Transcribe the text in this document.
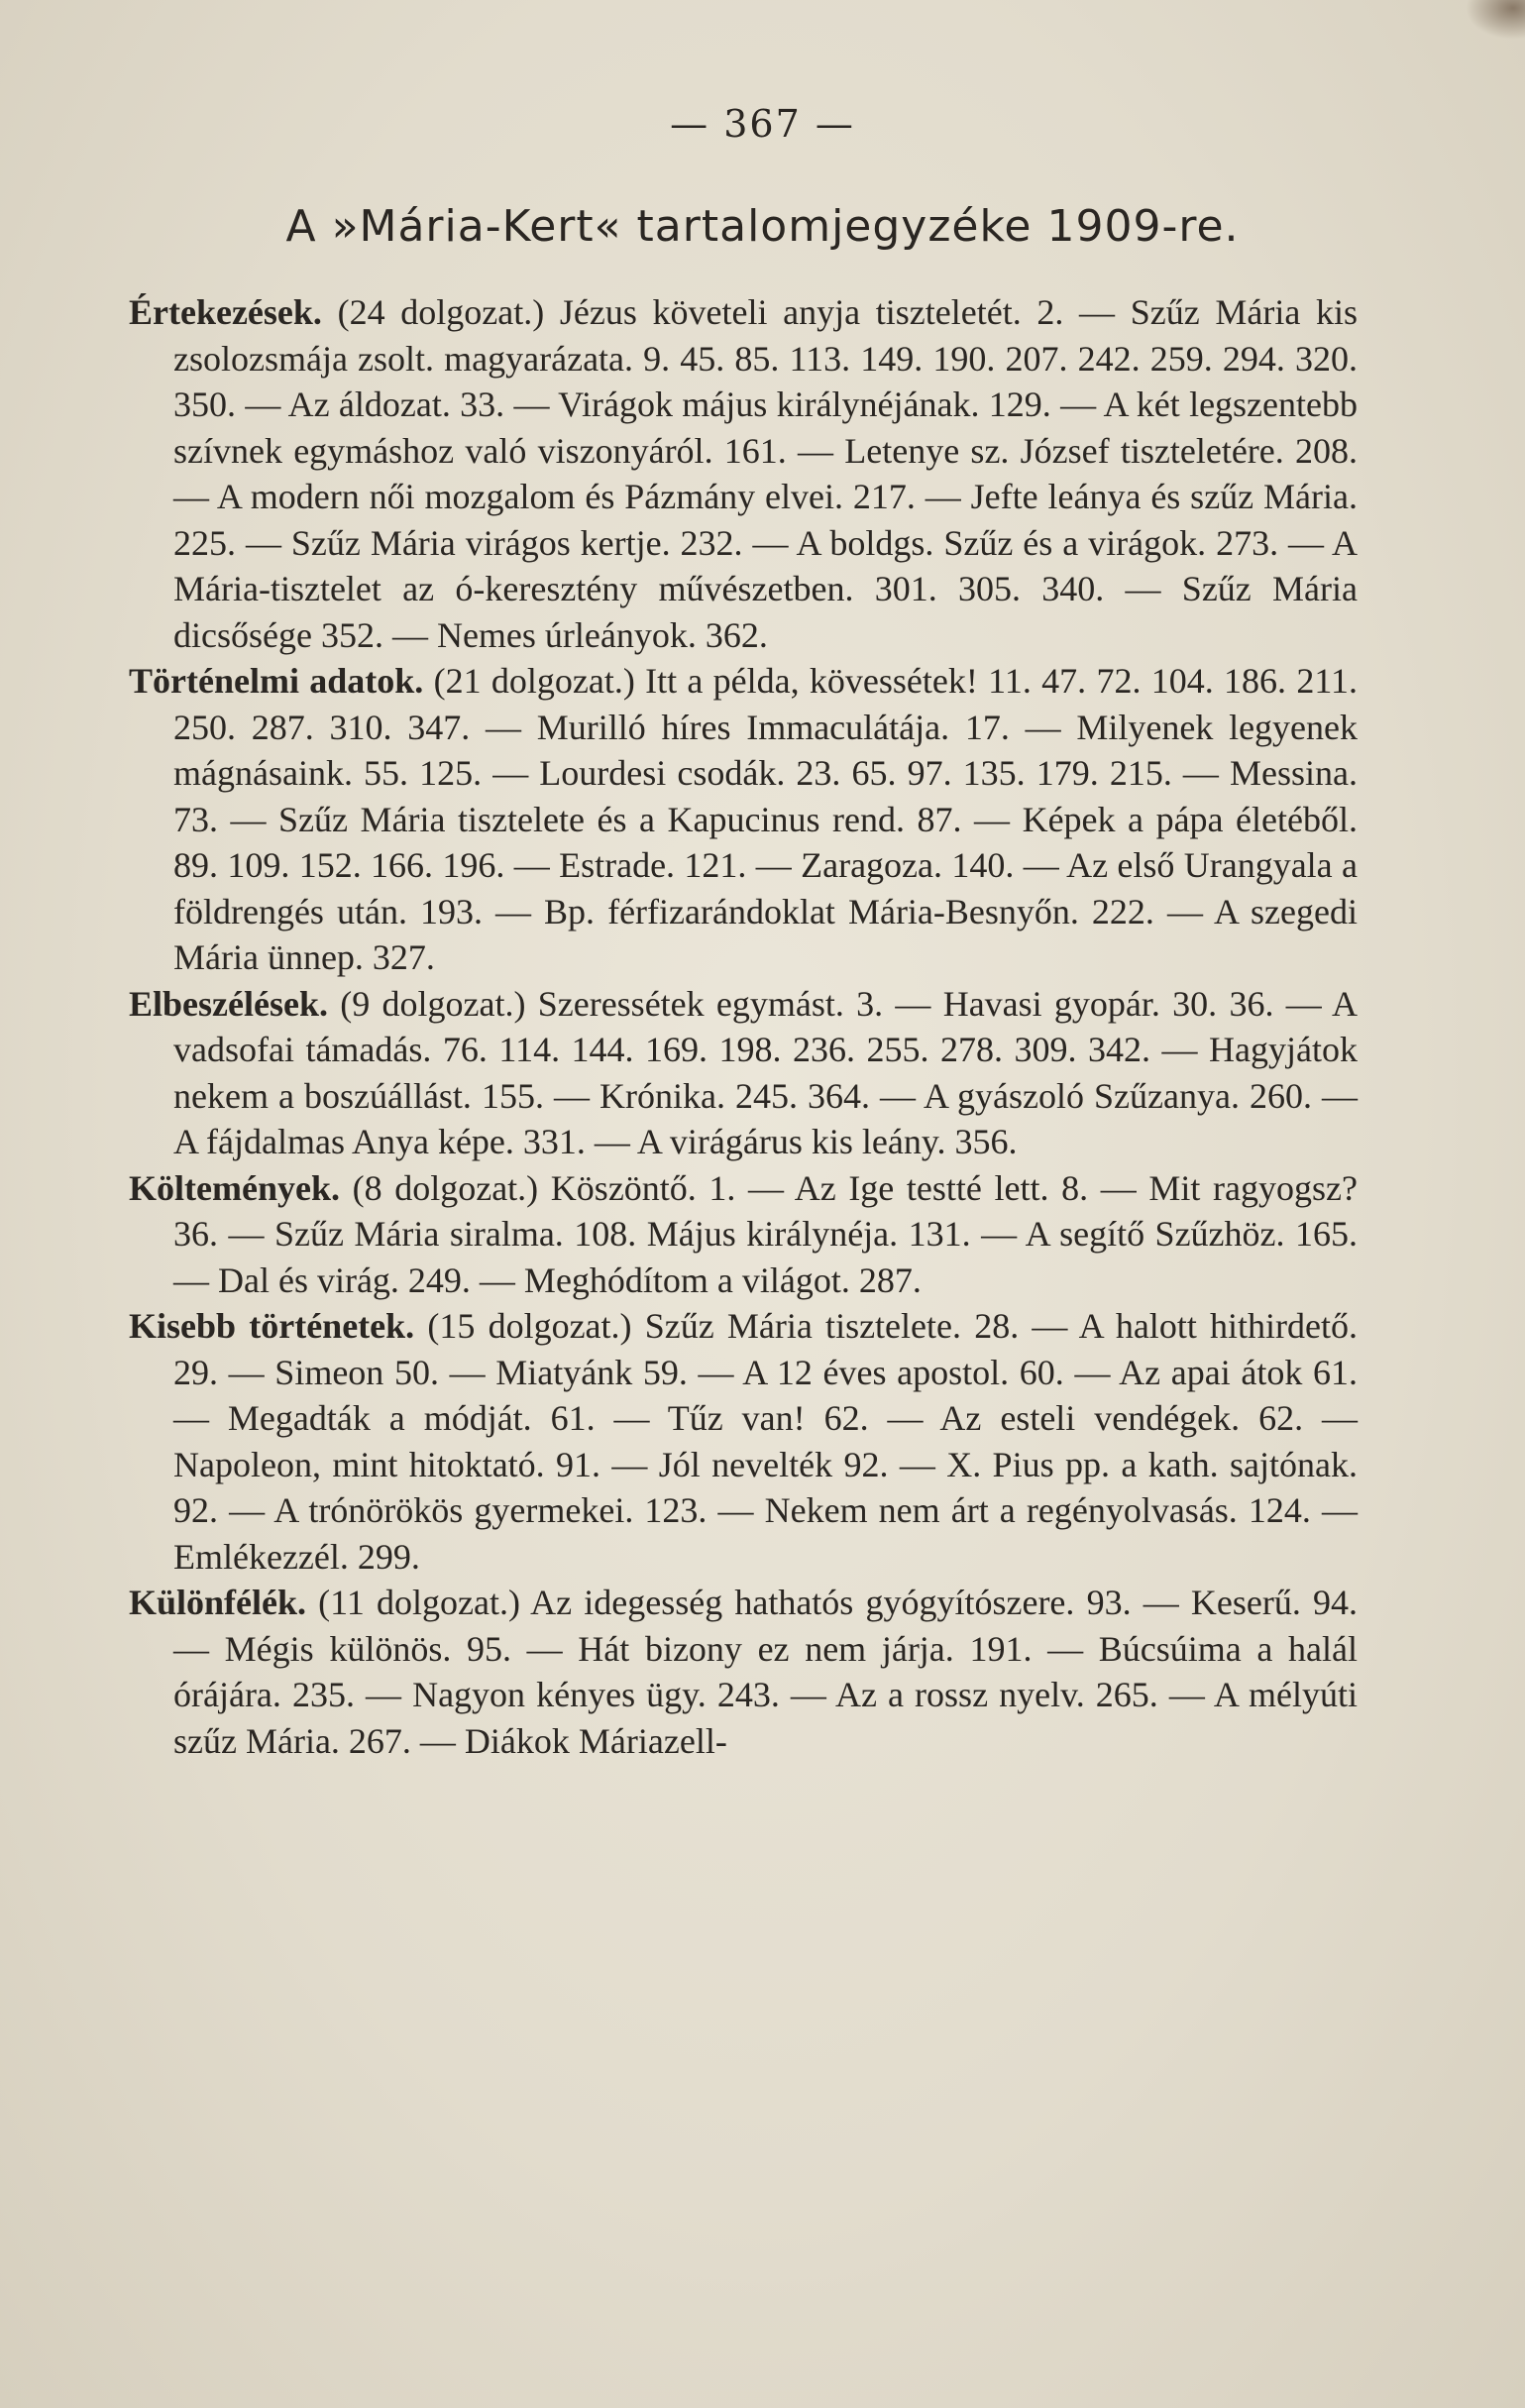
— 367 —
A »Mária-Kert« tartalomjegyzéke 1909-re.

Értekezések. (24 dolgozat.) Jézus követeli anyja tiszteletét. 2. — Szűz Mária kis zsolozsmája zsolt. magyarázata. 9. 45. 85. 113. 149. 190. 207. 242. 259. 294. 320. 350. — Az áldozat. 33. — Virágok május királynéjának. 129. — A két legszentebb szívnek egymáshoz való viszonyáról. 161. — Letenye sz. József tiszteletére. 208. — A modern női mozgalom és Pázmány elvei. 217. — Jefte leánya és szűz Mária. 225. — Szűz Mária virágos kertje. 232. — A boldgs. Szűz és a virágok. 273. — A Mária-tisztelet az ó-keresztény művészetben. 301. 305. 340. — Szűz Mária dicsősége 352. — Nemes úrleányok. 362.

Történelmi adatok. (21 dolgozat.) Itt a példa, kövessétek! 11. 47. 72. 104. 186. 211. 250. 287. 310. 347. — Murilló híres Immaculátája. 17. — Milyenek legyenek mágnásaink. 55. 125. — Lourdesi csodák. 23. 65. 97. 135. 179. 215. — Messina. 73. — Szűz Mária tisztelete és a Kapucinus rend. 87. — Képek a pápa életéből. 89. 109. 152. 166. 196. — Estrade. 121. — Zaragoza. 140. — Az első Urangyala a földrengés után. 193. — Bp. férfizarándoklat Mária-Besnyőn. 222. — A szegedi Mária ünnep. 327.

Elbeszélések. (9 dolgozat.) Szeressétek egymást. 3. — Havasi gyopár. 30. 36. — A vadsofai támadás. 76. 114. 144. 169. 198. 236. 255. 278. 309. 342. — Hagyjátok nekem a boszúállást. 155. — Krónika. 245. 364. — A gyászoló Szűzanya. 260. — A fájdalmas Anya képe. 331. — A virágárus kis leány. 356.

Költemények. (8 dolgozat.) Köszöntő. 1. — Az Ige testté lett. 8. — Mit ragyogsz? 36. — Szűz Mária siralma. 108. Május királynéja. 131. — A segítő Szűzhöz. 165. — Dal és virág. 249. — Meghódítom a világot. 287.

Kisebb történetek. (15 dolgozat.) Szűz Mária tisztelete. 28. — A halott hithirdető. 29. — Simeon 50. — Miatyánk 59. — A 12 éves apostol. 60. — Az apai átok 61. — Megadták a módját. 61. — Tűz van! 62. — Az esteli vendégek. 62. — Napoleon, mint hitoktató. 91. — Jól nevelték 92. — X. Pius pp. a kath. sajtónak. 92. — A trónörökös gyermekei. 123. — Nekem nem árt a regényolvasás. 124. — Emlékezzél. 299.

Különfélék. (11 dolgozat.) Az idegesség hathatós gyógyítószere. 93. — Keserű. 94. — Mégis különös. 95. — Hát bizony ez nem járja. 191. — Búcsúima a halál órájára. 235. — Nagyon kényes ügy. 243. — Az a rossz nyelv. 265. — A mélyúti szűz Mária. 267. — Diákok Máriazell-
